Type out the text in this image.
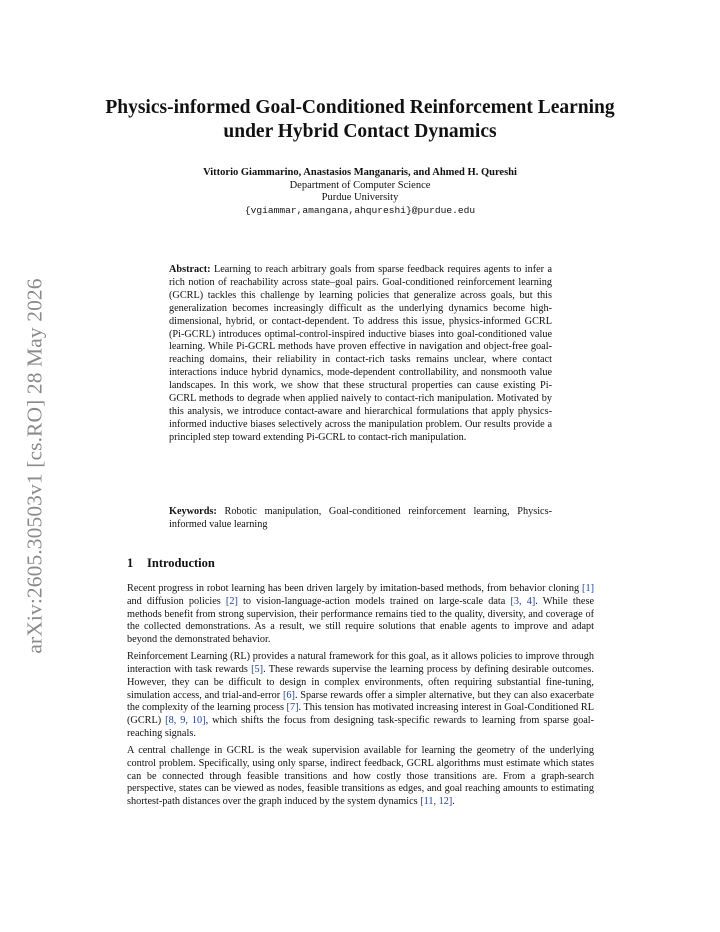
arXiv:2605.30503v1 [cs.RO] 28 May 2026
Physics-informed Goal-Conditioned Reinforcement Learning under Hybrid Contact Dynamics
Vittorio Giammarino, Anastasios Manganaris, and Ahmed H. Qureshi
Department of Computer Science
Purdue University
{vgiammar,amangana,ahqureshi}@purdue.edu
Abstract: Learning to reach arbitrary goals from sparse feedback requires agents to infer a rich notion of reachability across state–goal pairs. Goal-conditioned reinforcement learning (GCRL) tackles this challenge by learning policies that generalize across goals, but this generalization becomes increasingly difficult as the underlying dynamics become high-dimensional, hybrid, or contact-dependent. To address this issue, physics-informed GCRL (Pi-GCRL) introduces optimal-control-inspired inductive biases into goal-conditioned value learning. While Pi-GCRL methods have proven effective in navigation and object-free goal-reaching domains, their reliability in contact-rich tasks remains unclear, where contact interactions induce hybrid dynamics, mode-dependent controllability, and nonsmooth value landscapes. In this work, we show that these structural properties can cause existing Pi-GCRL methods to degrade when applied naively to contact-rich manipulation. Motivated by this analysis, we introduce contact-aware and hierarchical formulations that apply physics-informed inductive biases selectively across the manipulation problem. Our results provide a principled step toward extending Pi-GCRL to contact-rich manipulation.
Keywords: Robotic manipulation, Goal-conditioned reinforcement learning, Physics-informed value learning
1 Introduction

Recent progress in robot learning has been driven largely by imitation-based methods, from behavior cloning [1] and diffusion policies [2] to vision-language-action models trained on large-scale data [3, 4]. While these methods benefit from strong supervision, their performance remains tied to the quality, diversity, and coverage of the collected demonstrations. As a result, we still require solutions that enable agents to improve and adapt beyond the demonstrated behavior.

Reinforcement Learning (RL) provides a natural framework for this goal, as it allows policies to improve through interaction with task rewards [5]. These rewards supervise the learning process by defining desirable outcomes. However, they can be difficult to design in complex environments, often requiring substantial fine-tuning, simulation access, and trial-and-error [6]. Sparse rewards offer a simpler alternative, but they can also exacerbate the complexity of the learning process [7]. This tension has motivated increasing interest in Goal-Conditioned RL (GCRL) [8, 9, 10], which shifts the focus from designing task-specific rewards to learning from sparse goal-reaching signals.

A central challenge in GCRL is the weak supervision available for learning the geometry of the underlying control problem. Specifically, using only sparse, indirect feedback, GCRL algorithms must estimate which states can be connected through feasible transitions and how costly those transitions are. From a graph-search perspective, states can be viewed as nodes, feasible transitions as edges, and goal reaching amounts to estimating shortest-path distances over the graph induced by the system dynamics [11, 12].
